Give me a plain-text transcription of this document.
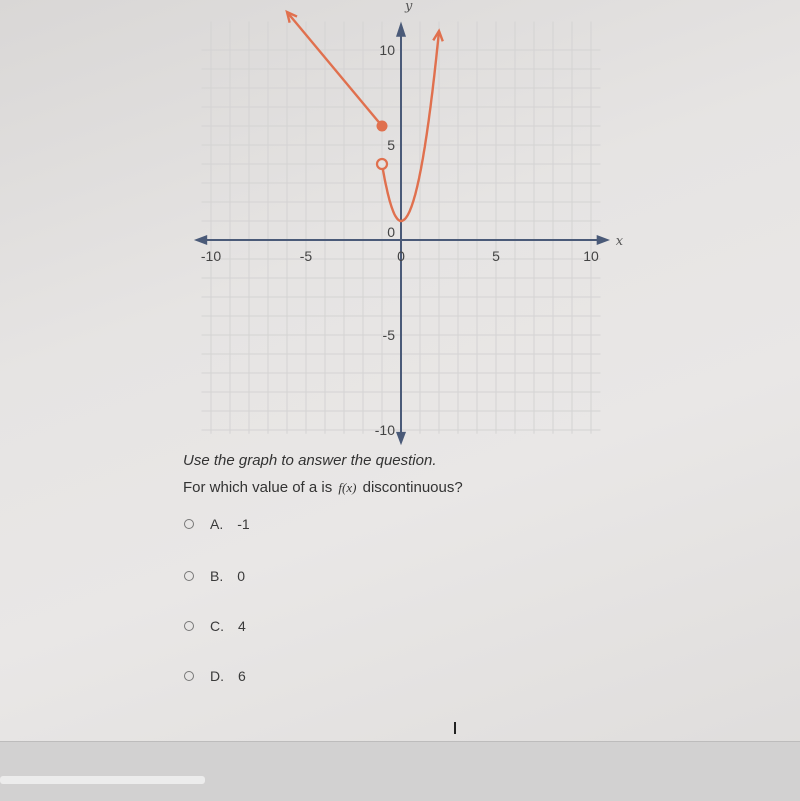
x
y
-10	-5	0	5	10
10
5
-5
-10
0
Use the graph to answer the question.
For which value of a is f(x) discontinuous?
A. -1
B. 0
C. 4
D. 6
